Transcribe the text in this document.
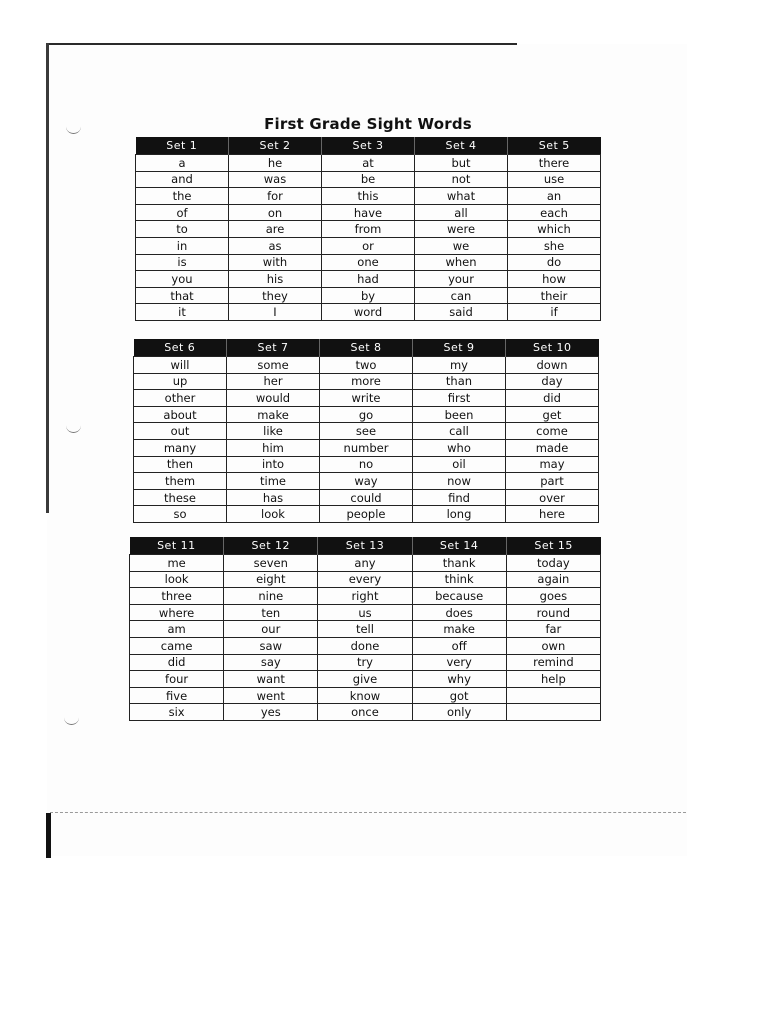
First Grade Sight Words
Set 1	Set 2	Set 3	Set 4	Set 5
a	he	at	but	there
and	was	be	not	use
the	for	this	what	an
of	on	have	all	each
to	are	from	were	which
in	as	or	we	she
is	with	one	when	do
you	his	had	your	how
that	they	by	can	their
it	I	word	said	if
Set 6	Set 7	Set 8	Set 9	Set 10
will	some	two	my	down
up	her	more	than	day
other	would	write	first	did
about	make	go	been	get
out	like	see	call	come
many	him	number	who	made
then	into	no	oil	may
them	time	way	now	part
these	has	could	find	over
so	look	people	long	here
Set 11	Set 12	Set 13	Set 14	Set 15
me	seven	any	thank	today
look	eight	every	think	again
three	nine	right	because	goes
where	ten	us	does	round
am	our	tell	make	far
came	saw	done	off	own
did	say	try	very	remind
four	want	give	why	help
five	went	know	got	
six	yes	once	only	
